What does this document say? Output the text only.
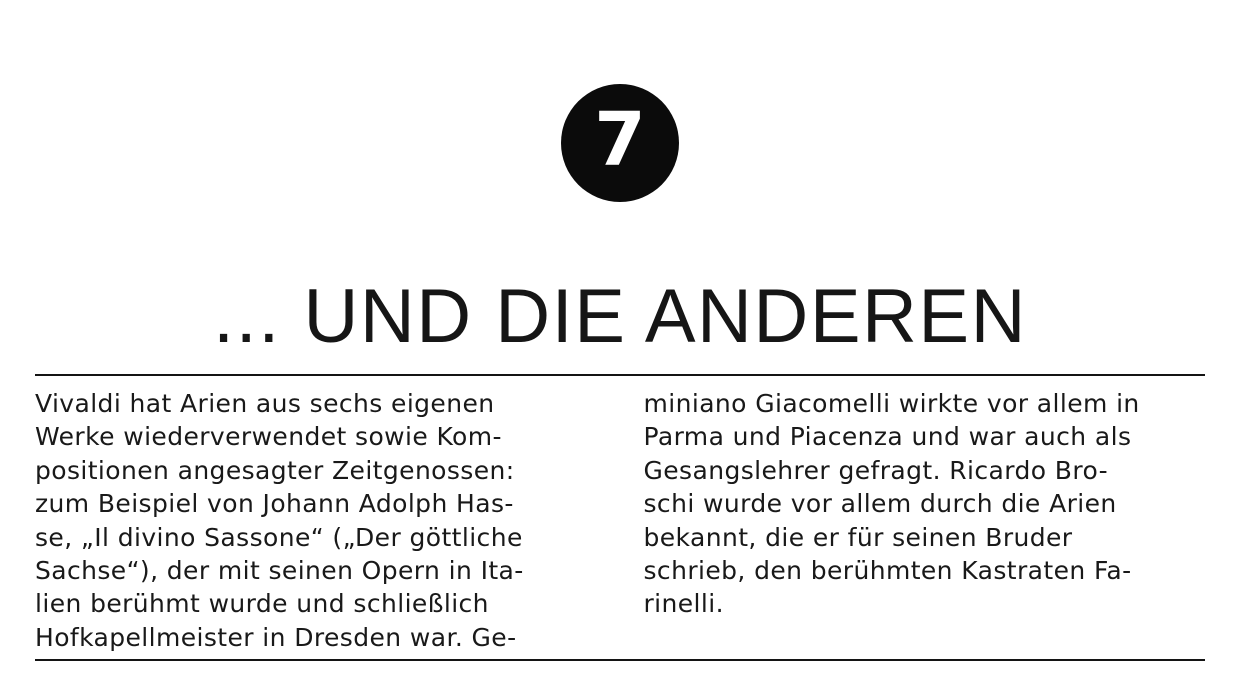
7
... UND DIE ANDEREN
Vivaldi hat Arien aus sechs eigenen
Werke wiederverwendet sowie Kom-
positionen angesagter Zeitgenossen:
zum Beispiel von Johann Adolph Has-
se, „Il divino Sassone“ („Der göttliche
Sachse“), der mit seinen Opern in Ita-
lien berühmt wurde und schließlich
Hofkapellmeister in Dresden war. Ge-
miniano Giacomelli wirkte vor allem in
Parma und Piacenza und war auch als
Gesangslehrer gefragt. Ricardo Bro-
schi wurde vor allem durch die Arien
bekannt, die er für seinen Bruder
schrieb, den berühmten Kastraten Fa-
rinelli.
